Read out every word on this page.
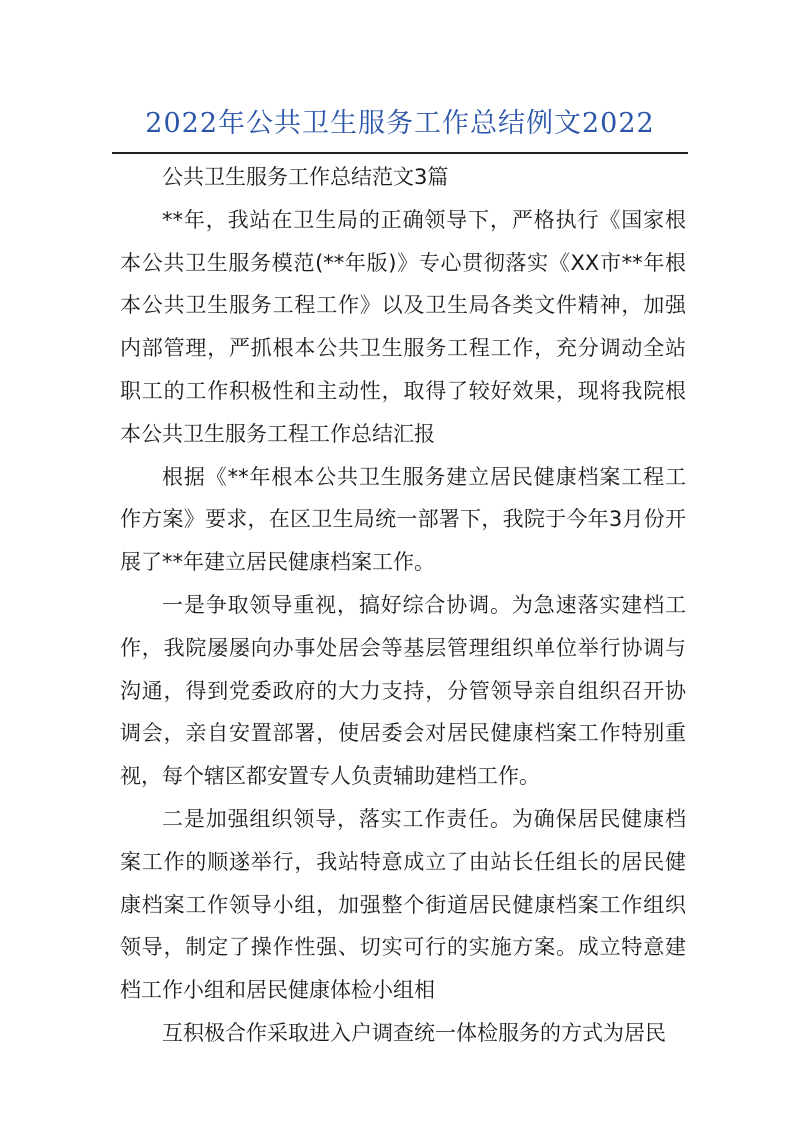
2022年公共卫生服务工作总结例文2022

公共卫生服务工作总结范文3篇

**年，我站在卫生局的正确领导下，严格执行《国家根本公共卫生服务模范(**年版)》专心贯彻落实《XX市**年根本公共卫生服务工程工作》以及卫生局各类文件精神，加强内部管理，严抓根本公共卫生服务工程工作，充分调动全站职工的工作积极性和主动性，取得了较好效果，现将我院根本公共卫生服务工程工作总结汇报

根据《**年根本公共卫生服务建立居民健康档案工程工作方案》要求，在区卫生局统一部署下，我院于今年3月份开展了**年建立居民健康档案工作。

一是争取领导重视，搞好综合协调。为急速落实建档工作，我院屡屡向办事处居会等基层管理组织单位举行协调与沟通，得到党委政府的大力支持，分管领导亲自组织召开协调会，亲自安置部署，使居委会对居民健康档案工作特别重视，每个辖区都安置专人负责辅助建档工作。

二是加强组织领导，落实工作责任。为确保居民健康档案工作的顺遂举行，我站特意成立了由站长任组长的居民健康档案工作领导小组，加强整个街道居民健康档案工作组织领导，制定了操作性强、切实可行的实施方案。成立特意建档工作小组和居民健康体检小组相

互积极合作采取进入户调查统一体检服务的方式为居民
